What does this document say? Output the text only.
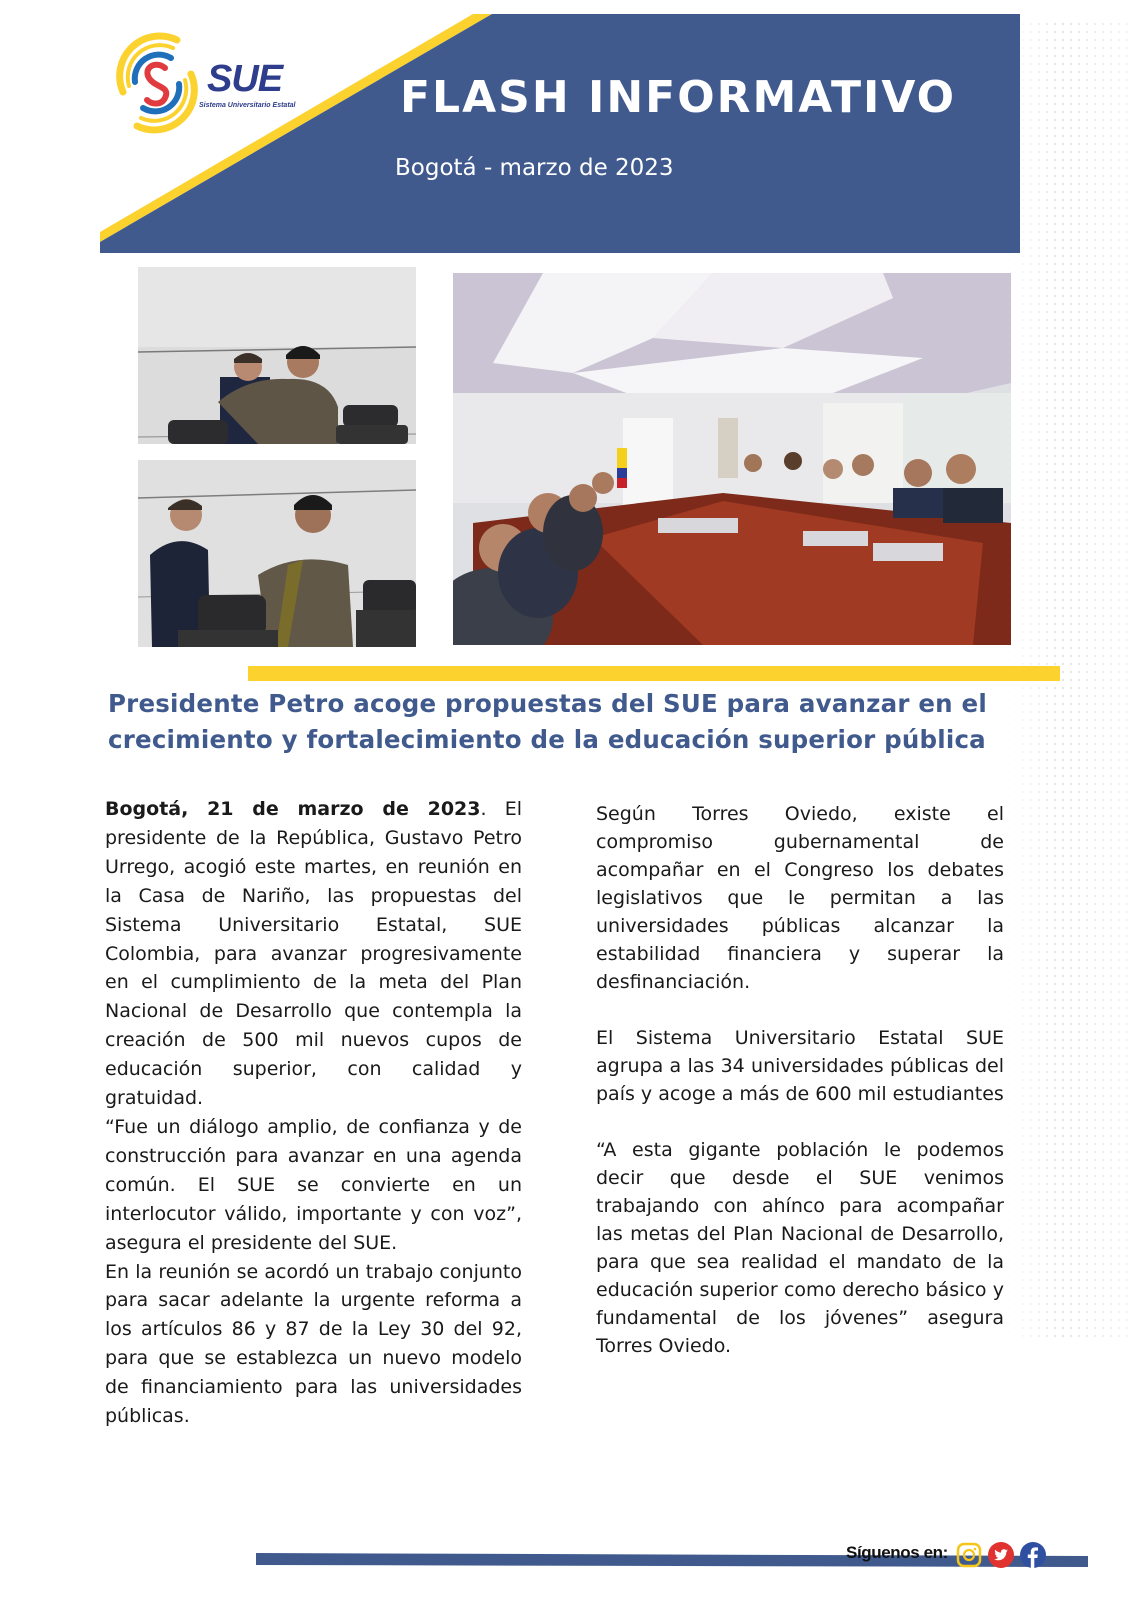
FLASH INFORMATIVO
Bogotá - marzo de 2023
SUE
Sistema Universitario Estatal
Presidente Petro acoge propuestas del SUE para avanzar en el crecimiento y fortalecimiento de la educación superior pública

Bogotá, 21 de marzo de 2023. El presidente de la República, Gustavo Petro Urrego, acogió este martes, en reunión en la Casa de Nariño, las propuestas del Sistema Universitario Estatal, SUE Colombia, para avanzar progresivamente en el cumplimiento de la meta del Plan Nacional de Desarrollo que contempla la creación de 500 mil nuevos cupos de educación superior, con calidad y gratuidad.

“Fue un diálogo amplio, de confianza y de construcción para avanzar en una agenda común. El SUE se convierte en un interlocutor válido, importante y con voz”, asegura el presidente del SUE.

En la reunión se acordó un trabajo conjunto para sacar adelante la urgente reforma a los artículos 86 y 87 de la Ley 30 del 92, para que se establezca un nuevo modelo de financiamiento para las universidades públicas.

Según Torres Oviedo, existe el compromiso gubernamental de acompañar en el Congreso los debates legislativos que le permitan a las universidades públicas alcanzar la estabilidad financiera y superar la desfinanciación.

El Sistema Universitario Estatal SUE agrupa a las 34 universidades públicas del país y acoge a más de 600 mil estudiantes

“A esta gigante población le podemos decir que desde el SUE venimos trabajando con ahínco para acompañar las metas del Plan Nacional de Desarrollo, para que sea realidad el mandato de la educación superior como derecho básico y fundamental de los jóvenes” asegura Torres Oviedo.

Síguenos en:
